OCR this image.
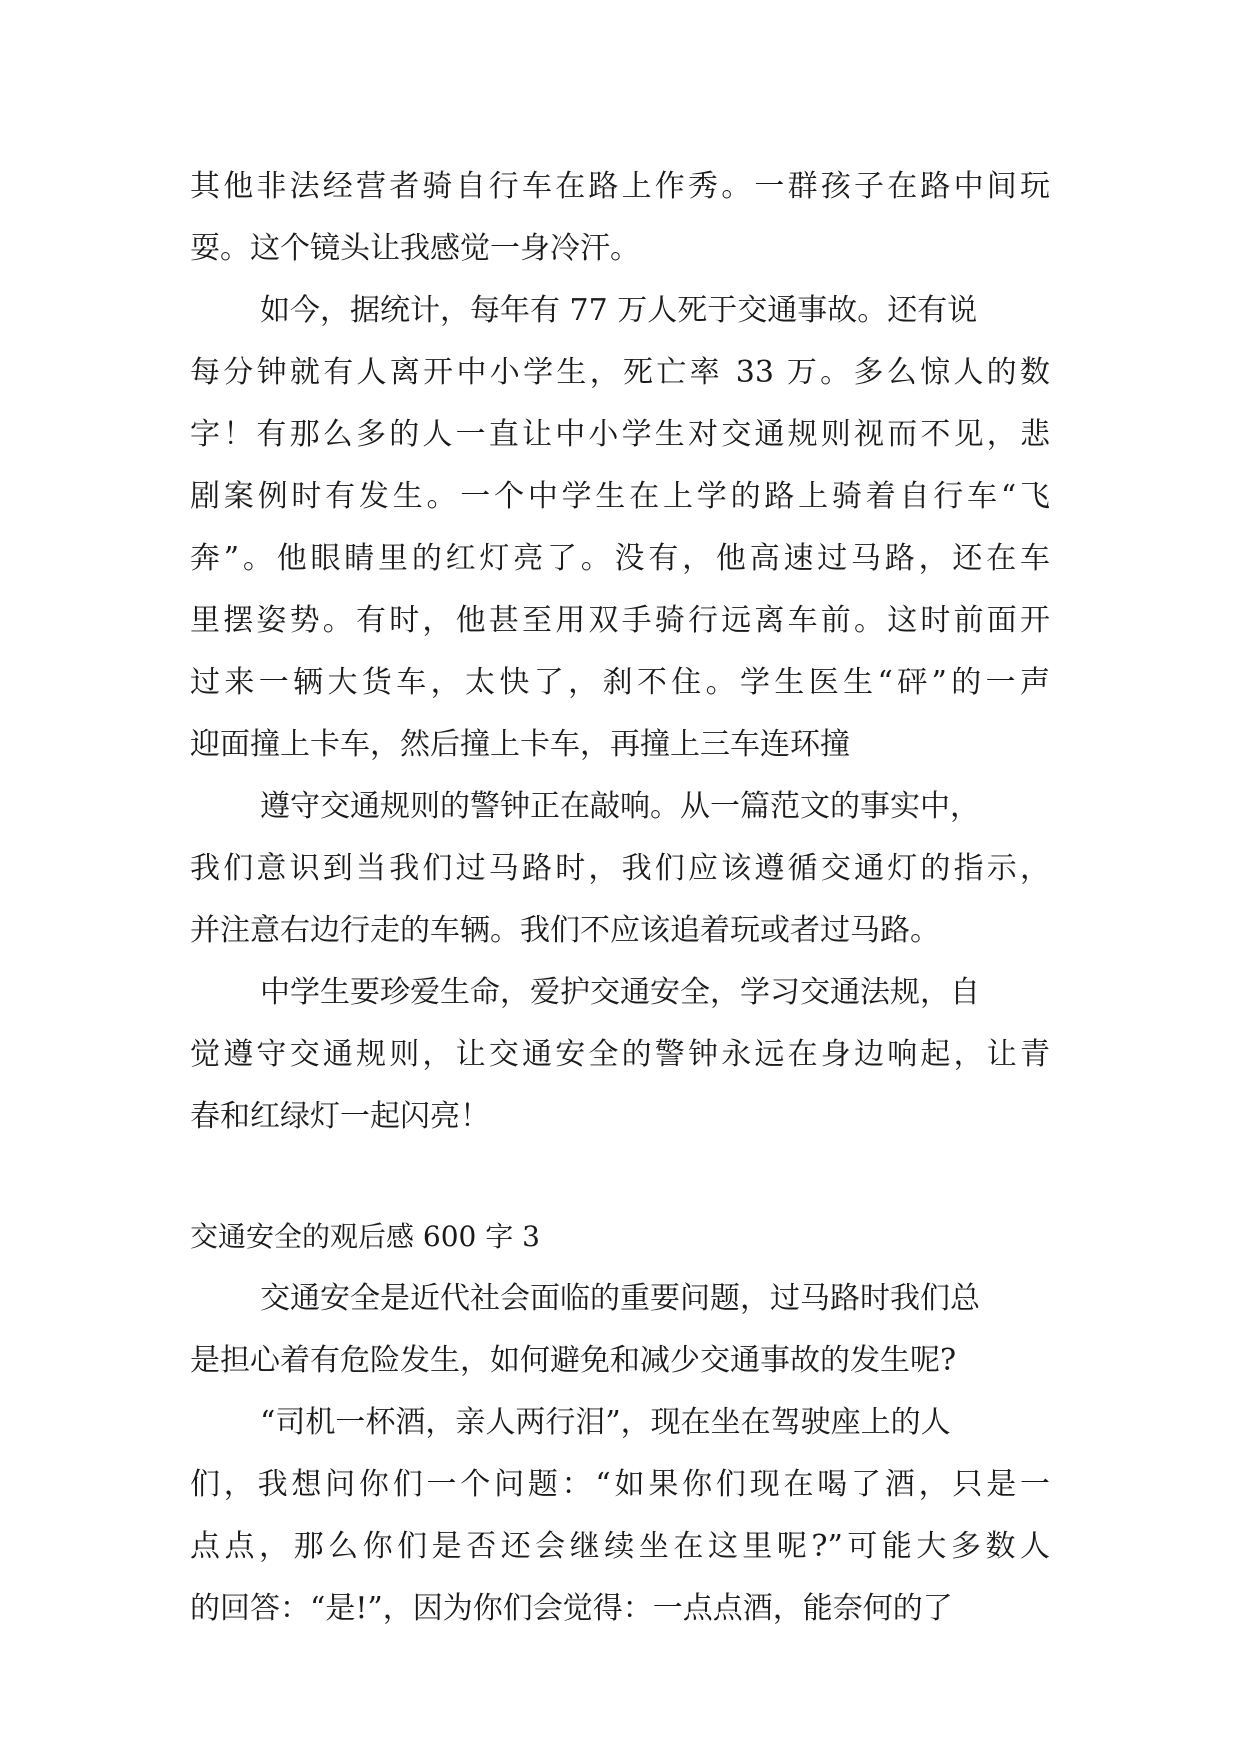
其他非法经营者骑自行车在路上作秀。一群孩子在路中间玩
耍。这个镜头让我感觉一身冷汗。
如今，据统计，每年有 77 万人死于交通事故。还有说
每分钟就有人离开中小学生，死亡率 33 万。多么惊人的数
字！有那么多的人一直让中小学生对交通规则视而不见，悲
剧案例时有发生。一个中学生在上学的路上骑着自行车“飞
奔”。他眼睛里的红灯亮了。没有，他高速过马路，还在车
里摆姿势。有时，他甚至用双手骑行远离车前。这时前面开
过来一辆大货车，太快了，刹不住。学生医生“砰”的一声
迎面撞上卡车，然后撞上卡车，再撞上三车连环撞
遵守交通规则的警钟正在敲响。从一篇范文的事实中，
我们意识到当我们过马路时，我们应该遵循交通灯的指示，
并注意右边行走的车辆。我们不应该追着玩或者过马路。
中学生要珍爱生命，爱护交通安全，学习交通法规，自
觉遵守交通规则，让交通安全的警钟永远在身边响起，让青
春和红绿灯一起闪亮！
交通安全的观后感 600 字 3
交通安全是近代社会面临的重要问题，过马路时我们总
是担心着有危险发生，如何避免和减少交通事故的发生呢?
“司机一杯酒，亲人两行泪”，现在坐在驾驶座上的人
们，我想问你们一个问题：“如果你们现在喝了酒，只是一
点点，那么你们是否还会继续坐在这里呢?”可能大多数人
的回答：“是!”，因为你们会觉得：一点点酒，能奈何的了
